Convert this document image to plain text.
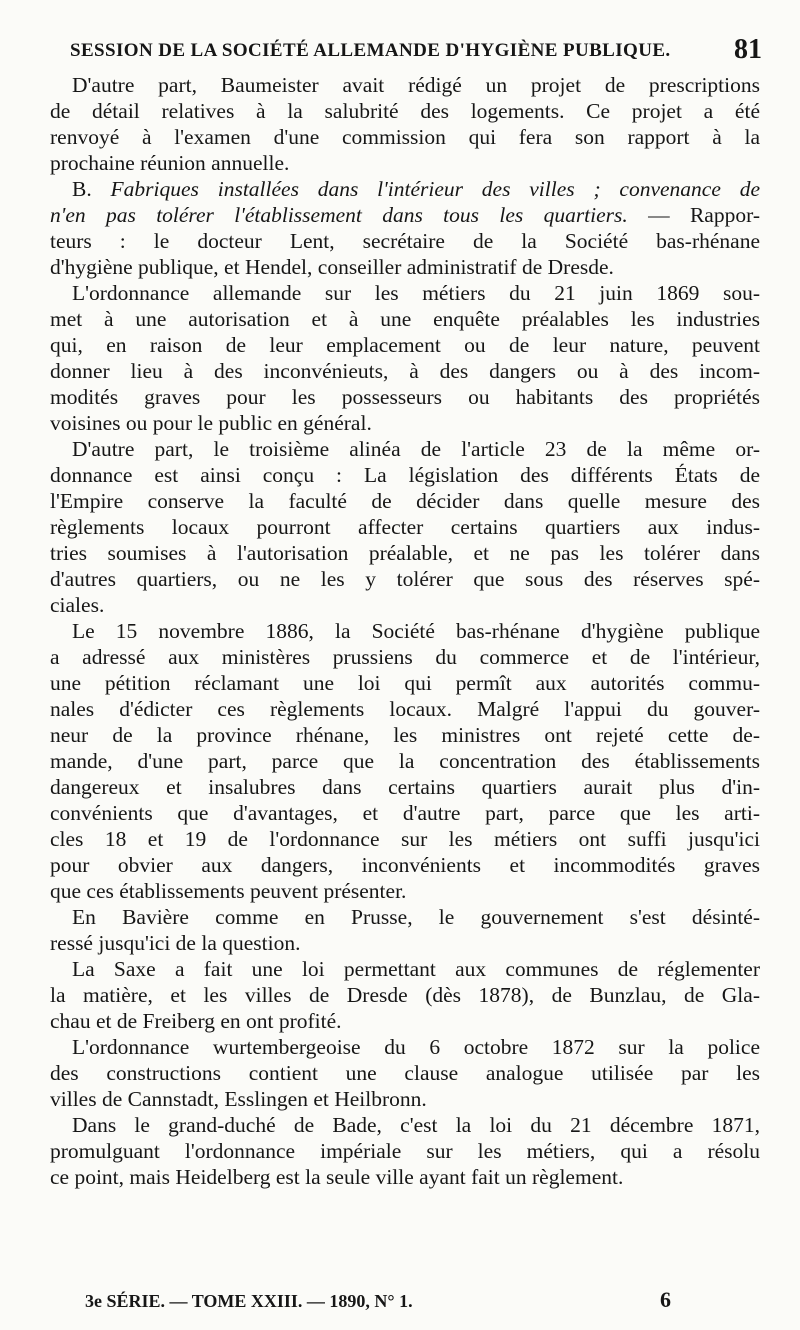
SESSION DE LA SOCIÉTÉ ALLEMANDE D'HYGIÈNE PUBLIQUE. 81

D'autre part, Baumeister avait rédigé un projet de prescriptions
de détail relatives à la salubrité des logements. Ce projet a été
renvoyé à l'examen d'une commission qui fera son rapport à la
prochaine réunion annuelle.

B. Fabriques installées dans l'intérieur des villes ; convenance de
n'en pas tolérer l'établissement dans tous les quartiers. — Rappor-
teurs : le docteur Lent, secrétaire de la Société bas-rhénane
d'hygiène publique, et Hendel, conseiller administratif de Dresde.

L'ordonnance allemande sur les métiers du 21 juin 1869 sou-
met à une autorisation et à une enquête préalables les industries
qui, en raison de leur emplacement ou de leur nature, peuvent
donner lieu à des inconvénieuts, à des dangers ou à des incom-
modités graves pour les possesseurs ou habitants des propriétés
voisines ou pour le public en général.

D'autre part, le troisième alinéa de l'article 23 de la même or-
donnance est ainsi conçu : La législation des différents États de
l'Empire conserve la faculté de décider dans quelle mesure des
règlements locaux pourront affecter certains quartiers aux indus-
tries soumises à l'autorisation préalable, et ne pas les tolérer dans
d'autres quartiers, ou ne les y tolérer que sous des réserves spé-
ciales.

Le 15 novembre 1886, la Société bas-rhénane d'hygiène publique
a adressé aux ministères prussiens du commerce et de l'intérieur,
une pétition réclamant une loi qui permît aux autorités commu-
nales d'édicter ces règlements locaux. Malgré l'appui du gouver-
neur de la province rhénane, les ministres ont rejeté cette de-
mande, d'une part, parce que la concentration des établissements
dangereux et insalubres dans certains quartiers aurait plus d'in-
convénients que d'avantages, et d'autre part, parce que les arti-
cles 18 et 19 de l'ordonnance sur les métiers ont suffi jusqu'ici
pour obvier aux dangers, inconvénients et incommodités graves
que ces établissements peuvent présenter.

En Bavière comme en Prusse, le gouvernement s'est désinté-
ressé jusqu'ici de la question.

La Saxe a fait une loi permettant aux communes de réglementer
la matière, et les villes de Dresde (dès 1878), de Bunzlau, de Gla-
chau et de Freiberg en ont profité.

L'ordonnance wurtembergeoise du 6 octobre 1872 sur la police
des constructions contient une clause analogue utilisée par les
villes de Cannstadt, Esslingen et Heilbronn.

Dans le grand-duché de Bade, c'est la loi du 21 décembre 1871,
promulguant l'ordonnance impériale sur les métiers, qui a résolu
ce point, mais Heidelberg est la seule ville ayant fait un règlement.

3e SÉRIE. — TOME XXIII. — 1890, N° 1.	6
